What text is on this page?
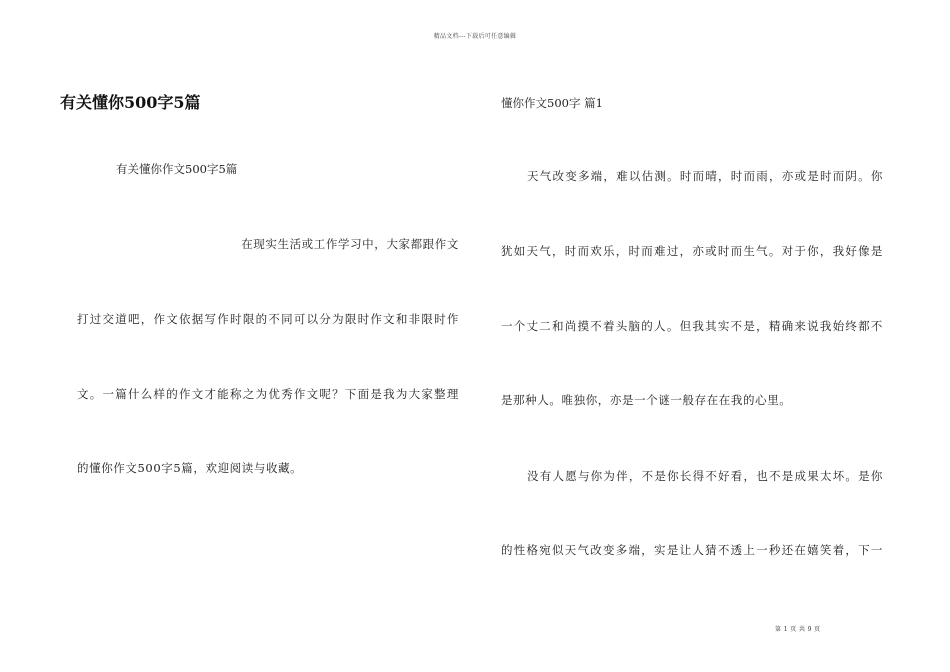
精品文档---下载后可任意编辑
有关懂你500字5篇
有关懂你作文500字5篇
在现实生活或工作学习中，大家都跟作文
打过交道吧，作文依据写作时限的不同可以分为限时作文和非限时作
文。一篇什么样的作文才能称之为优秀作文呢？下面是我为大家整理
的懂你作文500字5篇，欢迎阅读与收藏。
懂你作文500字 篇1
天气改变多端，难以估测。时而晴，时而雨，亦或是时而阴。你
犹如天气，时而欢乐，时而难过，亦或时而生气。对于你，我好像是
一个丈二和尚摸不着头脑的人。但我其实不是，精确来说我始终都不
是那种人。唯独你，亦是一个谜一般存在在我的心里。
没有人愿与你为伴，不是你长得不好看，也不是成果太坏。是你
的性格宛似天气改变多端，实是让人猜不透上一秒还在嬉笑着，下一
第 1 页 共 9 页
